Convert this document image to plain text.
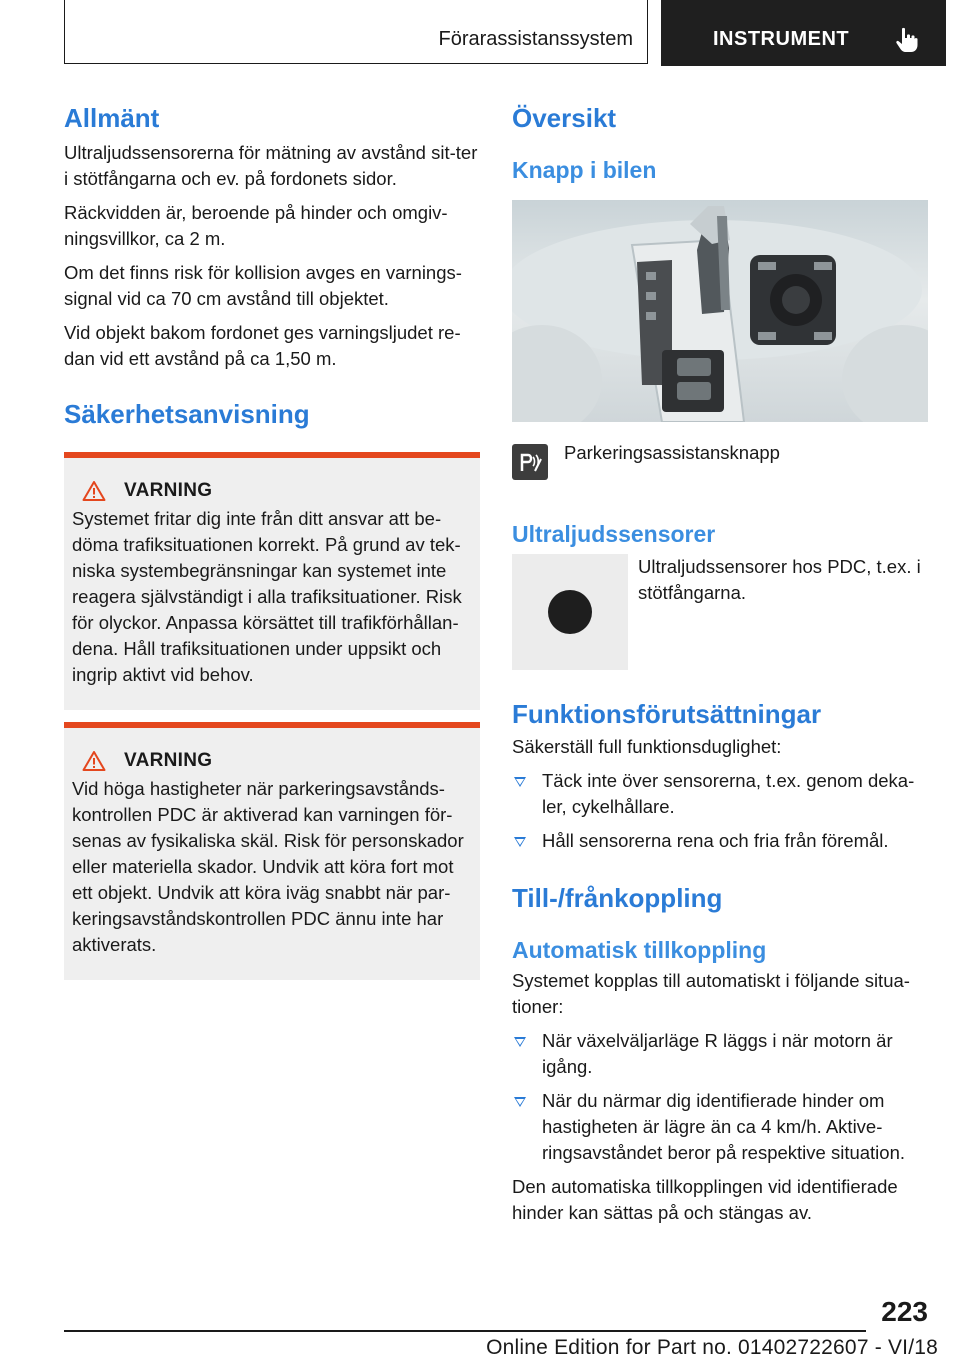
Förarassistanssystem	INSTRUMENT
Allmänt

Ultraljudssensorerna för mätning av avstånd sit-ter i stötfångarna och ev. på fordonets sidor.

Räckvidden är, beroende på hinder och omgiv-ningsvillkor, ca 2 m.

Om det finns risk för kollision avges en varnings-signal vid ca 70 cm avstånd till objektet.

Vid objekt bakom fordonet ges varningsljudet re-dan vid ett avstånd på ca 1,50 m.

Säkerhetsanvisning
VARNING

Systemet fritar dig inte från ditt ansvar att be-döma trafiksituationen korrekt. På grund av tek-niska systembegränsningar kan systemet inte reagera självständigt i alla trafiksituationer. Risk för olyckor. Anpassa körsättet till trafikförhållan-dena. Håll trafiksituationen under uppsikt och ingrip aktivt vid behov.

VARNING

Vid höga hastigheter när parkeringsavstånds-kontrollen PDC är aktiverad kan varningen för-senas av fysikaliska skäl. Risk för personskador eller materiella skador. Undvik att köra fort mot ett objekt. Undvik att köra iväg snabbt när par-keringsavståndskontrollen PDC ännu inte har aktiverats.

Översikt
Knapp i bilen

Parkeringsassistansknapp

Ultraljudssensorer

Ultraljudssensorer hos PDC, t.ex. i stötfångarna.

Funktionsförutsättningar

Säkerställ full funktionsduglighet:

Täck inte över sensorerna, t.ex. genom deka-ler, cykelhållare.
Håll sensorerna rena och fria från föremål.
Till-/frånkoppling
Automatisk tillkoppling

Systemet kopplas till automatiskt i följande situa-tioner:

När växelväljarläge R läggs i när motorn är igång.
När du närmar dig identifierade hinder om hastigheten är lägre än ca 4 km/h. Aktive-ringsavståndet beror på respektive situation.

Den automatiska tillkopplingen vid identifierade hinder kan sättas på och stängas av.

223
Online Edition for Part no. 01402722607 - VI/18
